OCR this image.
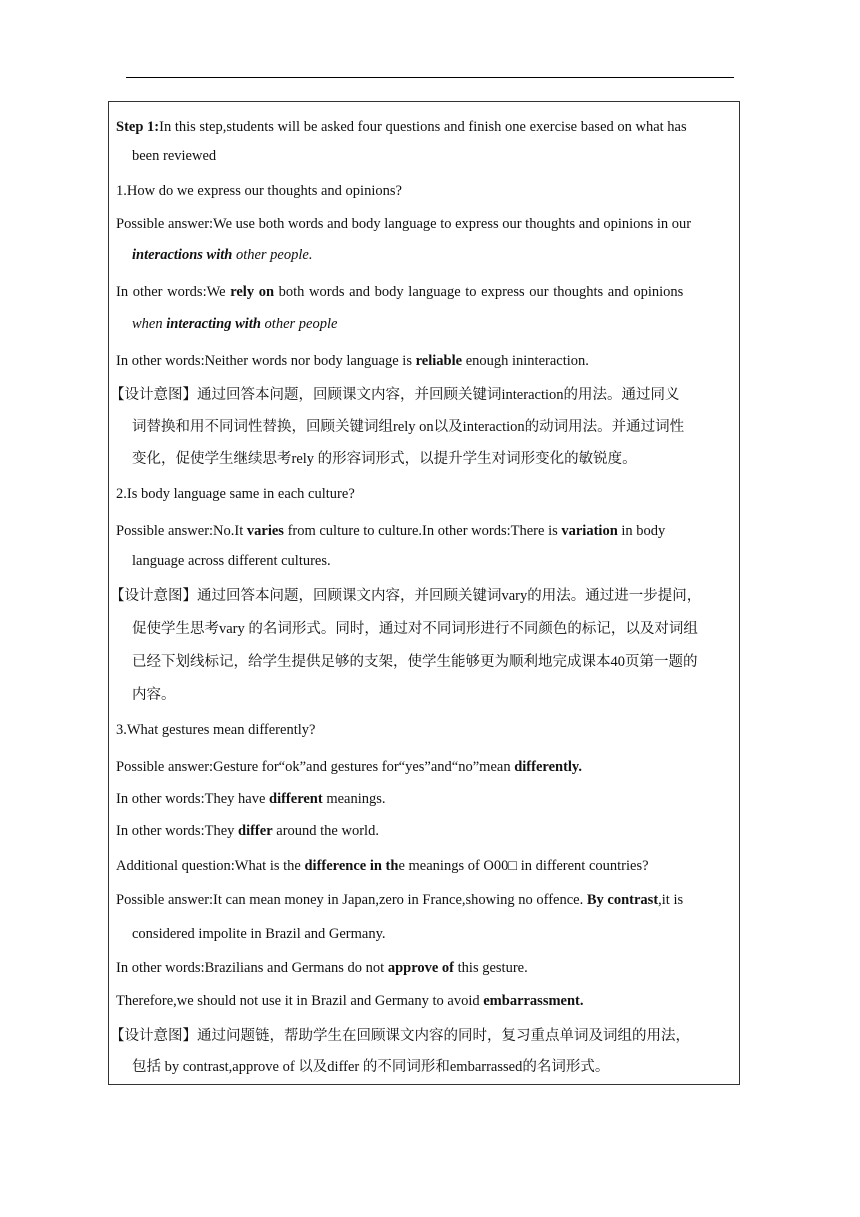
Step 1:In this step,students will be asked four questions and finish one exercise based on what has
been reviewed
1.How do we express our thoughts and opinions?
Possible answer:We use both words and body language to express our thoughts and opinions in our
interactions with other people.
In other words:We rely on both words and body language to express our thoughts and opinions
when interacting with other people
In other words:Neither words nor body language is reliable enough ininteraction.
【设计意图】通过回答本问题，回顾课文内容，并回顾关键词interaction的用法。通过同义
词替换和用不同词性替换，回顾关键词组rely on以及interaction的动词用法。并通过词性
变化，促使学生继续思考rely 的形容词形式，以提升学生对词形变化的敏锐度。
2.Is body language same in each culture?
Possible answer:No.It varies from culture to culture.In other words:There is variation in body
language across different cultures.
【设计意图】通过回答本问题，回顾课文内容，并回顾关键词vary的用法。通过进一步提问，
促使学生思考vary 的名词形式。同时，通过对不同词形进行不同颜色的标记，以及对词组
已经下划线标记，给学生提供足够的支架，使学生能够更为顺利地完成课本40页第一题的
内容。
3.What gestures mean differently?
Possible answer:Gesture for“ok”and gestures for“yes”and“no”mean differently.
In other words:They have different meanings.
In other words:They differ around the world.
Additional question:What is the difference in the meanings of O00□ in different countries?
Possible answer:It can mean money in Japan,zero in France,showing no offence. By contrast,it is
considered impolite in Brazil and Germany.
In other words:Brazilians and Germans do not approve of this gesture.
Therefore,we should not use it in Brazil and Germany to avoid embarrassment.
【设计意图】通过问题链，帮助学生在回顾课文内容的同时，复习重点单词及词组的用法，
包括 by contrast,approve of 以及differ 的不同词形和embarrassed的名词形式。
